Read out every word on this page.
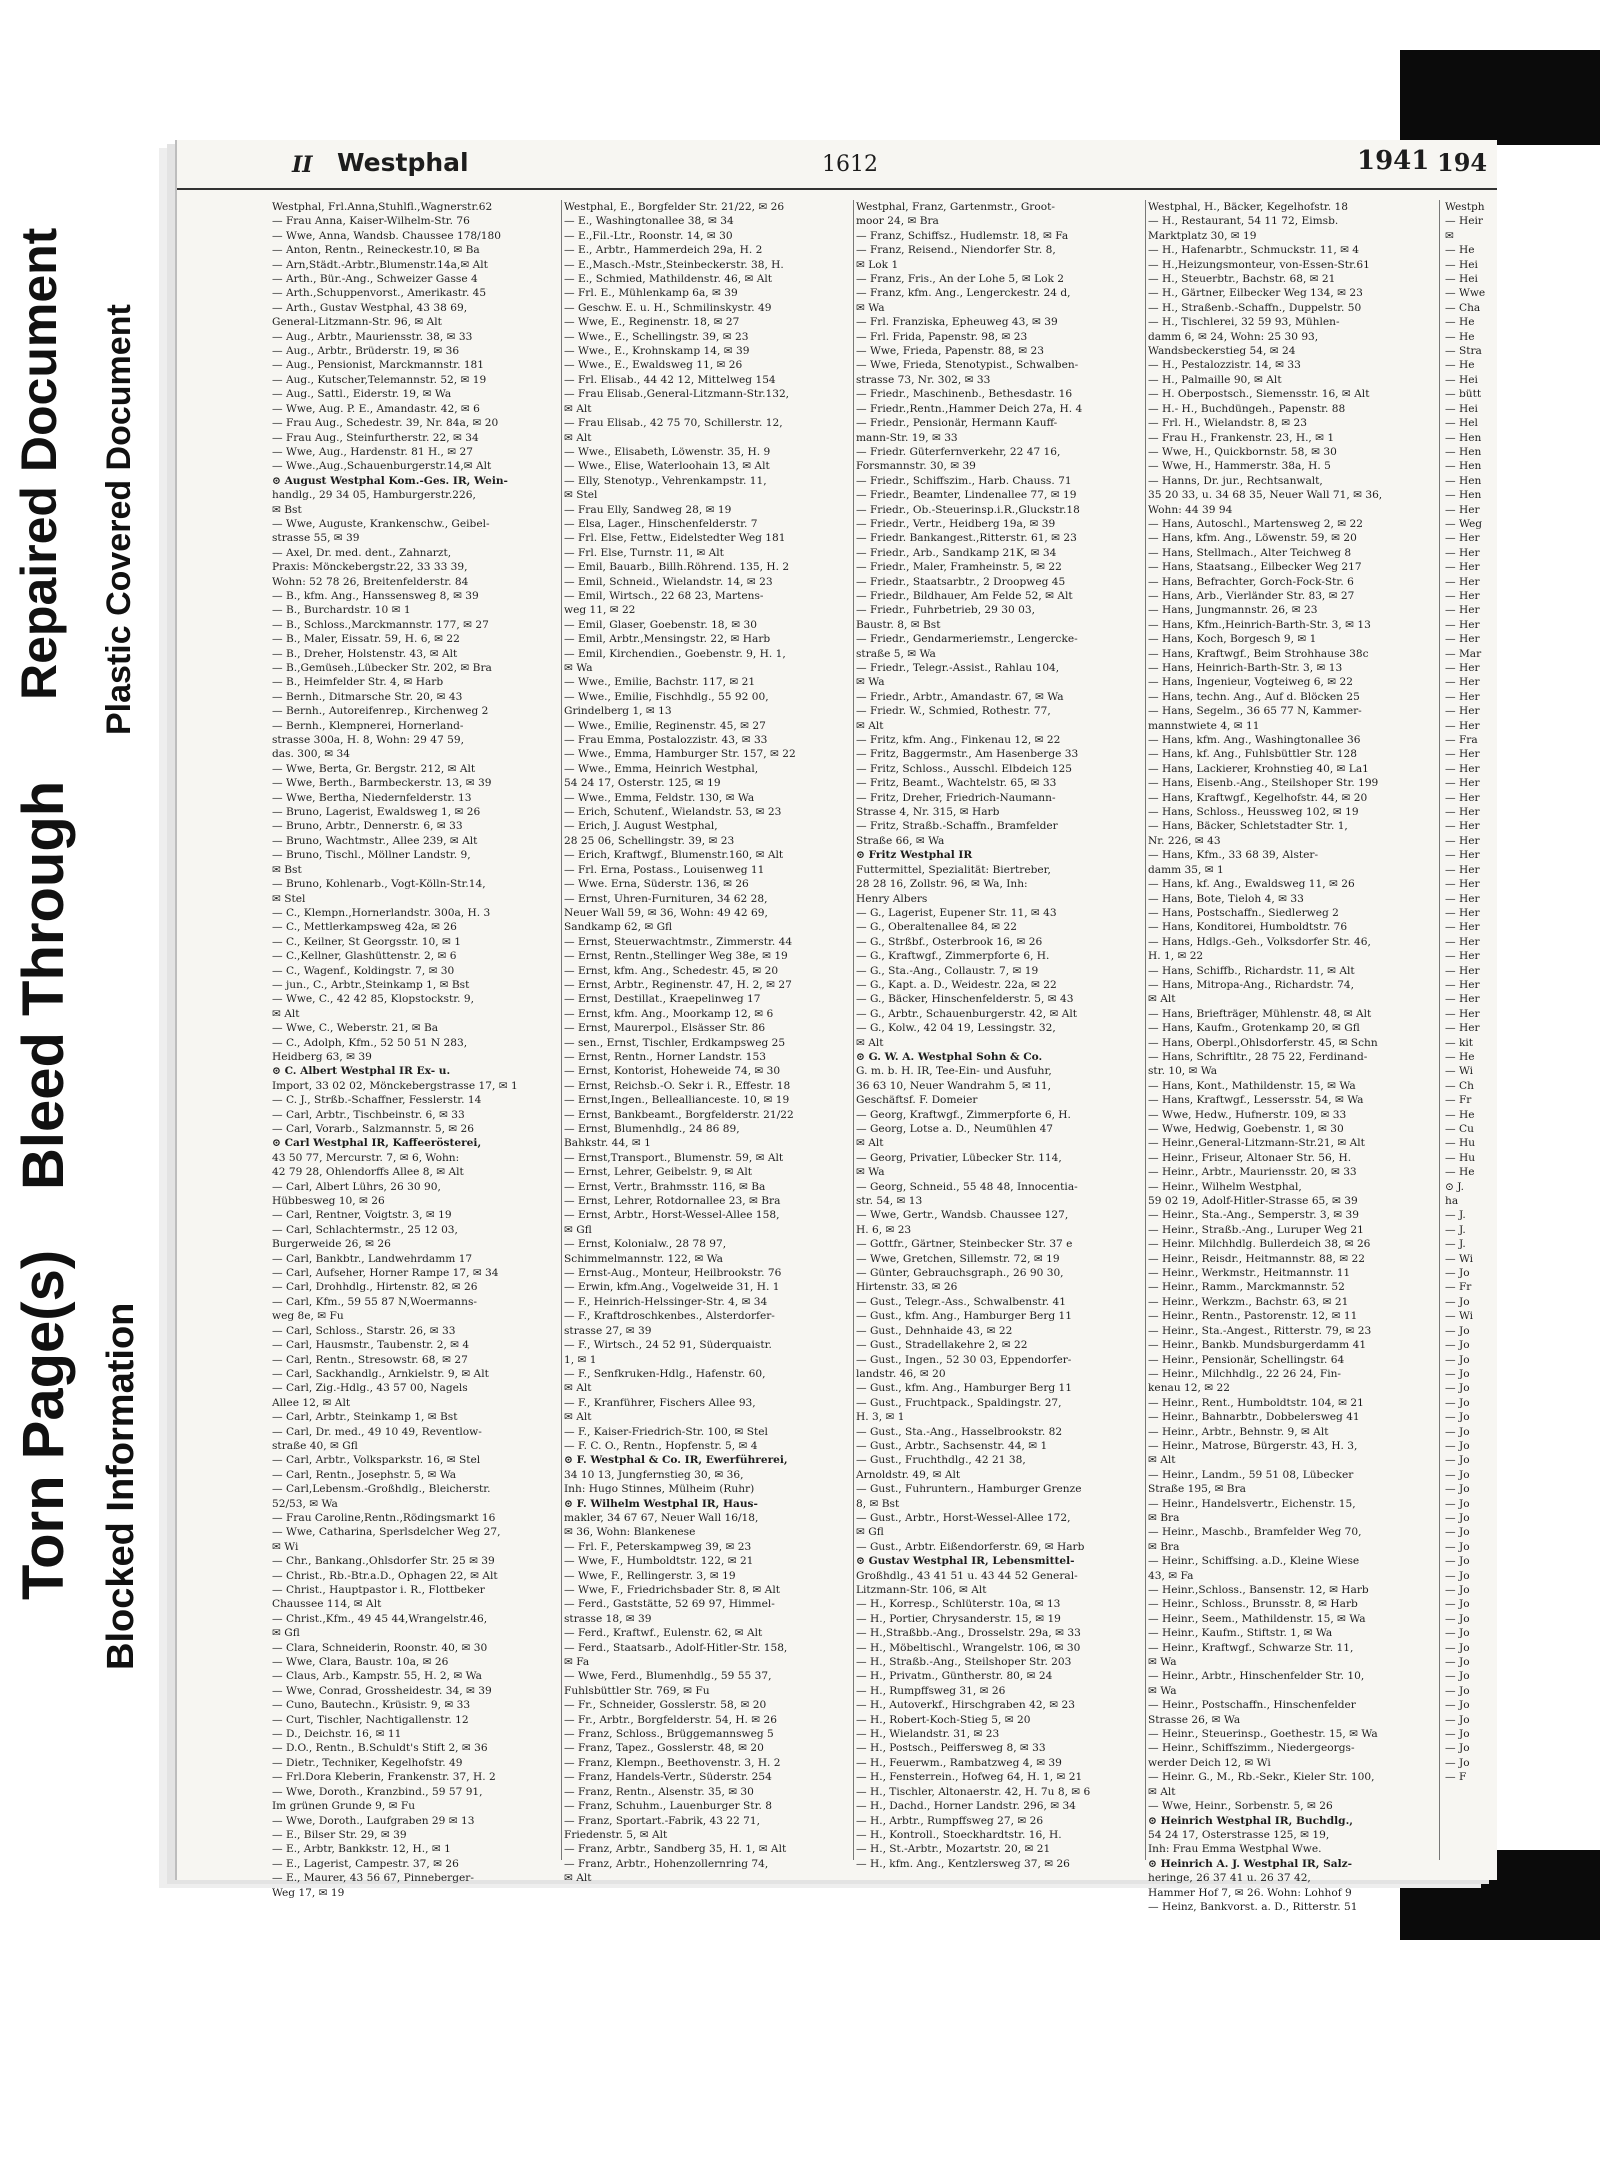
Torn Page(s) Blocked Information
Bleed Through
Repaired Document Plastic Covered Document
II Westphal	1612	1941 194

Westphal, Frl.Anna,Stuhlfl.,Wagnerstr.62

— Frau Anna, Kaiser-Wilhelm-Str. 76

— Wwe, Anna, Wandsb. Chaussee 178/180

— Anton, Rentn., Reineckestr.10, ✉ Ba

— Arn,Städt.-Arbtr.,Blumenstr.14a,✉ Alt

— Arth., Bür.-Ang., Schweizer Gasse 4

— Arth.,Schuppenvorst., Amerikastr. 45

— Arth., Gustav Westphal, 43 38 69,

General-Litzmann-Str. 96, ✉ Alt

— Aug., Arbtr., Mauriensstr. 38, ✉ 33

— Aug., Arbtr., Brüderstr. 19, ✉ 36

— Aug., Pensionist, Marckmannstr. 181

— Aug., Kutscher,Telemannstr. 52, ✉ 19

— Aug., Sattl., Eiderstr. 19, ✉ Wa

— Wwe, Aug. P. E., Amandastr. 42, ✉ 6

— Frau Aug., Schedestr. 39, Nr. 84a, ✉ 20

— Frau Aug., Steinfurtherstr. 22, ✉ 34

— Wwe, Aug., Hardenstr. 81 H., ✉ 27

— Wwe.,Aug.,Schauenburgerstr.14,✉ Alt

⊙ August Westphal Kom.-Ges. IR, Wein-

handlg., 29 34 05, Hamburgerstr.226,

✉ Bst

— Wwe, Auguste, Krankenschw., Geibel-

strasse 55, ✉ 39

— Axel, Dr. med. dent., Zahnarzt,

Praxis: Mönckebergstr.22, 33 33 39,

Wohn: 52 78 26, Breitenfelderstr. 84

— B., kfm. Ang., Hanssensweg 8, ✉ 39

— B., Burchardstr. 10 ✉ 1

— B., Schloss.,Marckmannstr. 177, ✉ 27

— B., Maler, Eissatr. 59, H. 6, ✉ 22

— B., Dreher, Holstenstr. 43, ✉ Alt

— B.,Gemüseh.,Lübecker Str. 202, ✉ Bra

— B., Heimfelder Str. 4, ✉ Harb

— Bernh., Ditmarsche Str. 20, ✉ 43

— Bernh., Autoreifenrep., Kirchenweg 2

— Bernh., Klempnerei, Hornerland-

strasse 300a, H. 8, Wohn: 29 47 59,

das. 300, ✉ 34

— Wwe, Berta, Gr. Bergstr. 212, ✉ Alt

— Wwe, Berth., Barmbeckerstr. 13, ✉ 39

— Wwe, Bertha, Niedernfelderstr. 13

— Bruno, Lagerist, Ewaldsweg 1, ✉ 26

— Bruno, Arbtr., Dennerstr. 6, ✉ 33

— Bruno, Wachtmstr., Allee 239, ✉ Alt

— Bruno, Tischl., Möllner Landstr. 9,

✉ Bst

— Bruno, Kohlenarb., Vogt-Kölln-Str.14,

✉ Stel

— C., Klempn.,Hornerlandstr. 300a, H. 3

— C., Mettlerkampsweg 42a, ✉ 26

— C., Keilner, St Georgsstr. 10, ✉ 1

— C.,Kellner, Glashüttenstr. 2, ✉ 6

— C., Wagenf., Koldingstr. 7, ✉ 30

— jun., C., Arbtr.,Steinkamp 1, ✉ Bst

— Wwe, C., 42 42 85, Klopstockstr. 9,

✉ Alt

— Wwe, C., Weberstr. 21, ✉ Ba

— C., Adolph, Kfm., 52 50 51 N 283,

Heidberg 63, ✉ 39

⊙ C. Albert Westphal IR Ex- u.

Import, 33 02 02, Mönckebergstrasse 17, ✉ 1

— C. J., Strßb.-Schaffner, Fesslerstr. 14

— Carl, Arbtr., Tischbeinstr. 6, ✉ 33

— Carl, Vorarb., Salzmannstr. 5, ✉ 26

⊙ Carl Westphal IR, Kaffeerösterei,

43 50 77, Mercurstr. 7, ✉ 6, Wohn:

42 79 28, Ohlendorffs Allee 8, ✉ Alt

— Carl, Albert Lührs, 26 30 90,

Hübbesweg 10, ✉ 26

— Carl, Rentner, Voigtstr. 3, ✉ 19

— Carl, Schlachtermstr., 25 12 03,

Burgerweide 26, ✉ 26

— Carl, Bankbtr., Landwehrdamm 17

— Carl, Aufseher, Horner Rampe 17, ✉ 34

— Carl, Drohhdlg., Hirtenstr. 82, ✉ 26

— Carl, Kfm., 59 55 87 N,Woermanns-

weg 8e, ✉ Fu

— Carl, Schloss., Starstr. 26, ✉ 33

— Carl, Hausmstr., Taubenstr. 2, ✉ 4

— Carl, Rentn., Stresowstr. 68, ✉ 27

— Carl, Sackhandlg., Arnkielstr. 9, ✉ Alt

— Carl, Zig.-Hdlg., 43 57 00, Nagels

Allee 12, ✉ Alt

— Carl, Arbtr., Steinkamp 1, ✉ Bst

— Carl, Dr. med., 49 10 49, Reventlow-

straße 40, ✉ Gfl

— Carl, Arbtr., Volksparkstr. 16, ✉ Stel

— Carl, Rentn., Josephstr. 5, ✉ Wa

— Carl,Lebensm.-Großhdlg., Bleicherstr.

52/53, ✉ Wa

— Frau Caroline,Rentn.,Rödingsmarkt 16

— Wwe, Catharina, Sperlsdelcher Weg 27,

✉ Wi

— Chr., Bankang.,Ohlsdorfer Str. 25 ✉ 39

— Christ., Rb.-Btr.a.D., Ophagen 22, ✉ Alt

— Christ., Hauptpastor i. R., Flottbeker

Chaussee 114, ✉ Alt

— Christ.,Kfm., 49 45 44,Wrangelstr.46,

✉ Gfl

— Clara, Schneiderin, Roonstr. 40, ✉ 30

— Wwe, Clara, Baustr. 10a, ✉ 26

— Claus, Arb., Kampstr. 55, H. 2, ✉ Wa

— Wwe, Conrad, Grossheidestr. 34, ✉ 39

— Cuno, Bautechn., Krüsistr. 9, ✉ 33

— Curt, Tischler, Nachtigallenstr. 12

— D., Deichstr. 16, ✉ 11

— D.O., Rentn., B.Schuldt's Stift 2, ✉ 36

— Dietr., Techniker, Kegelhofstr. 49

— Frl.Dora Kleberin, Frankenstr. 37, H. 2

— Wwe, Doroth., Kranzbind., 59 57 91,

Im grünen Grunde 9, ✉ Fu

— Wwe, Doroth., Laufgraben 29 ✉ 13

— E., Bilser Str. 29, ✉ 39

— E., Arbtr, Bankkstr. 12, H., ✉ 1

— E., Lagerist, Campestr. 37, ✉ 26

— E., Maurer, 43 56 67, Pinneberger-

Weg 17, ✉ 19

Westphal, E., Borgfelder Str. 21/22, ✉ 26

— E., Washingtonallee 38, ✉ 34

— E.,Fil.-Ltr., Roonstr. 14, ✉ 30

— E., Arbtr., Hammerdeich 29a, H. 2

— E.,Masch.-Mstr.,Steinbeckerstr. 38, H.

— E., Schmied, Mathildenstr. 46, ✉ Alt

— Frl. E., Mühlenkamp 6a, ✉ 39

— Geschw. E. u. H., Schmilinskystr. 49

— Wwe, E., Reginenstr. 18, ✉ 27

— Wwe., E., Schellingstr. 39, ✉ 23

— Wwe., E., Krohnskamp 14, ✉ 39

— Wwe., E., Ewaldsweg 11, ✉ 26

— Frl. Elisab., 44 42 12, Mittelweg 154

— Frau Elisab.,General-Litzmann-Str.132,

✉ Alt

— Frau Elisab., 42 75 70, Schillerstr. 12,

✉ Alt

— Wwe., Elisabeth, Löwenstr. 35, H. 9

— Wwe., Elise, Waterloohain 13, ✉ Alt

— Elly, Stenotyp., Vehrenkampstr. 11,

✉ Stel

— Frau Elly, Sandweg 28, ✉ 19

— Elsa, Lager., Hinschenfelderstr. 7

— Frl. Else, Fettw., Eidelstedter Weg 181

— Frl. Else, Turnstr. 11, ✉ Alt

— Emil, Bauarb., Billh.Röhrend. 135, H. 2

— Emil, Schneid., Wielandstr. 14, ✉ 23

— Emil, Wirtsch., 22 68 23, Martens-

weg 11, ✉ 22

— Emil, Glaser, Goebenstr. 18, ✉ 30

— Emil, Arbtr.,Mensingstr. 22, ✉ Harb

— Emil, Kirchendien., Goebenstr. 9, H. 1,

✉ Wa

— Wwe., Emilie, Bachstr. 117, ✉ 21

— Wwe., Emilie, Fischhdlg., 55 92 00,

Grindelberg 1, ✉ 13

— Wwe., Emilie, Reginenstr. 45, ✉ 27

— Frau Emma, Postalozzistr. 43, ✉ 33

— Wwe., Emma, Hamburger Str. 157, ✉ 22

— Wwe., Emma, Heinrich Westphal,

54 24 17, Osterstr. 125, ✉ 19

— Wwe., Emma, Feldstr. 130, ✉ Wa

— Erich, Schutenf., Wielandstr. 53, ✉ 23

— Erich, J. August Westphal,

28 25 06, Schellingstr. 39, ✉ 23

— Erich, Kraftwgf., Blumenstr.160, ✉ Alt

— Frl. Erna, Postass., Louisenweg 11

— Wwe. Erna, Süderstr. 136, ✉ 26

— Ernst, Uhren-Furnituren, 34 62 28,

Neuer Wall 59, ✉ 36, Wohn: 49 42 69,

Sandkamp 62, ✉ Gfl

— Ernst, Steuerwachtmstr., Zimmerstr. 44

— Ernst, Rentn.,Stellinger Weg 38e, ✉ 19

— Ernst, kfm. Ang., Schedestr. 45, ✉ 20

— Ernst, Arbtr., Reginenstr. 47, H. 2, ✉ 27

— Ernst, Destillat., Kraepelinweg 17

— Ernst, kfm. Ang., Moorkamp 12, ✉ 6

— Ernst, Maurerpol., Elsässer Str. 86

— sen., Ernst, Tischler, Erdkampsweg 25

— Ernst, Rentn., Horner Landstr. 153

— Ernst, Kontorist, Hoheweide 74, ✉ 30

— Ernst, Reichsb.-O. Sekr i. R., Effestr. 18

— Ernst,Ingen., Belleallianceste. 10, ✉ 19

— Ernst, Bankbeamt., Borgfelderstr. 21/22

— Ernst, Blumenhdlg., 24 86 89,

Bahkstr. 44, ✉ 1

— Ernst,Transport., Blumenstr. 59, ✉ Alt

— Ernst, Lehrer, Geibelstr. 9, ✉ Alt

— Ernst, Vertr., Brahmsstr. 116, ✉ Ba

— Ernst, Lehrer, Rotdornallee 23, ✉ Bra

— Ernst, Arbtr., Horst-Wessel-Allee 158,

✉ Gfl

— Ernst, Kolonialw., 28 78 97,

Schimmelmannstr. 122, ✉ Wa

— Ernst-Aug., Monteur, Heilbrookstr. 76

— Erwin, kfm.Ang., Vogelweide 31, H. 1

— F., Heinrich-Helssinger-Str. 4, ✉ 34

— F., Kraftdroschkenbes., Alsterdorfer-

strasse 27, ✉ 39

— F., Wirtsch., 24 52 91, Süderquaistr.

1, ✉ 1

— F., Senfkruken-Hdlg., Hafenstr. 60,

✉ Alt

— F., Kranführer, Fischers Allee 93,

✉ Alt

— F., Kaiser-Friedrich-Str. 100, ✉ Stel

— F. C. O., Rentn., Hopfenstr. 5, ✉ 4

⊙ F. Westphal & Co. IR, Ewerführerei,

34 10 13, Jungfernstieg 30, ✉ 36,

Inh: Hugo Stinnes, Mülheim (Ruhr)

⊙ F. Wilhelm Westphal IR, Haus-

makler, 34 67 67, Neuer Wall 16/18,

✉ 36, Wohn: Blankenese

— Frl. F., Peterskampweg 39, ✉ 23

— Wwe, F., Humboldtstr. 122, ✉ 21

— Wwe, F., Rellingerstr. 3, ✉ 19

— Wwe, F., Friedrichsbader Str. 8, ✉ Alt

— Ferd., Gaststätte, 52 69 97, Himmel-

strasse 18, ✉ 39

— Ferd., Kraftwf., Eulenstr. 62, ✉ Alt

— Ferd., Staatsarb., Adolf-Hitler-Str. 158,

✉ Fa

— Wwe, Ferd., Blumenhdlg., 59 55 37,

Fuhlsbüttler Str. 769, ✉ Fu

— Fr., Schneider, Gosslerstr. 58, ✉ 20

— Fr., Arbtr., Borgfelderstr. 54, H. ✉ 26

— Franz, Schloss., Brüggemannsweg 5

— Franz, Tapez., Gosslerstr. 48, ✉ 20

— Franz, Klempn., Beethovenstr. 3, H. 2

— Franz, Handels-Vertr., Süderstr. 254

— Franz, Rentn., Alsenstr. 35, ✉ 30

— Franz, Schuhm., Lauenburger Str. 8

— Franz, Sportart.-Fabrik, 43 22 71,

Friedenstr. 5, ✉ Alt

— Franz, Arbtr., Sandberg 35, H. 1, ✉ Alt

— Franz, Arbtr., Hohenzollernring 74,

✉ Alt

Westphal, Franz, Gartenmstr., Groot-

moor 24, ✉ Bra

— Franz, Schiffsz., Hudlemstr. 18, ✉ Fa

— Franz, Reisend., Niendorfer Str. 8,

✉ Lok 1

— Franz, Fris., An der Lohe 5, ✉ Lok 2

— Franz, kfm. Ang., Lengerckestr. 24 d,

✉ Wa

— Frl. Franziska, Epheuweg 43, ✉ 39

— Frl. Frida, Papenstr. 98, ✉ 23

— Wwe, Frieda, Papenstr. 88, ✉ 23

— Wwe, Frieda, Stenotypist., Schwalben-

strasse 73, Nr. 302, ✉ 33

— Friedr., Maschinenb., Bethesdastr. 16

— Friedr.,Rentn.,Hammer Deich 27a, H. 4

— Friedr., Pensionär, Hermann Kauff-

mann-Str. 19, ✉ 33

— Friedr. Güterfernverkehr, 22 47 16,

Forsmannstr. 30, ✉ 39

— Friedr., Schiffszim., Harb. Chauss. 71

— Friedr., Beamter, Lindenallee 77, ✉ 19

— Friedr., Ob.-Steuerinsp.i.R.,Gluckstr.18

— Friedr., Vertr., Heidberg 19a, ✉ 39

— Friedr. Bankangest.,Ritterstr. 61, ✉ 23

— Friedr., Arb., Sandkamp 21K, ✉ 34

— Friedr., Maler, Framheinstr. 5, ✉ 22

— Friedr., Staatsarbtr., 2 Droopweg 45

— Friedr., Bildhauer, Am Felde 52, ✉ Alt

— Friedr., Fuhrbetrieb, 29 30 03,

Baustr. 8, ✉ Bst

— Friedr., Gendarmeriemstr., Lengercke-

straße 5, ✉ Wa

— Friedr., Telegr.-Assist., Rahlau 104,

✉ Wa

— Friedr., Arbtr., Amandastr. 67, ✉ Wa

— Friedr. W., Schmied, Rothestr. 77,

✉ Alt

— Fritz, kfm. Ang., Finkenau 12, ✉ 22

— Fritz, Baggermstr., Am Hasenberge 33

— Fritz, Schloss., Ausschl. Elbdeich 125

— Fritz, Beamt., Wachtelstr. 65, ✉ 33

— Fritz, Dreher, Friedrich-Naumann-

Strasse 4, Nr. 315, ✉ Harb

— Fritz, Straßb.-Schaffn., Bramfelder

Straße 66, ✉ Wa

⊙ Fritz Westphal IR

Futtermittel, Spezialität: Biertreber,

28 28 16, Zollstr. 96, ✉ Wa, Inh:

Henry Albers

— G., Lagerist, Eupener Str. 11, ✉ 43

— G., Oberaltenallee 84, ✉ 22

— G., Strßbf., Osterbrook 16, ✉ 26

— G., Kraftwgf., Zimmerpforte 6, H.

— G., Sta.-Ang., Collaustr. 7, ✉ 19

— G., Kapt. a. D., Weidestr. 22a, ✉ 22

— G., Bäcker, Hinschenfelderstr. 5, ✉ 43

— G., Arbtr., Schauenburgerstr. 42, ✉ Alt

— G., Kolw., 42 04 19, Lessingstr. 32,

✉ Alt

⊙ G. W. A. Westphal Sohn & Co.

G. m. b. H. IR, Tee-Ein- und Ausfuhr,

36 63 10, Neuer Wandrahm 5, ✉ 11,

Geschäftsf. F. Domeier

— Georg, Kraftwgf., Zimmerpforte 6, H.

— Georg, Lotse a. D., Neumühlen 47

✉ Alt

— Georg, Privatier, Lübecker Str. 114,

✉ Wa

— Georg, Schneid., 55 48 48, Innocentia-

str. 54, ✉ 13

— Wwe, Gertr., Wandsb. Chaussee 127,

H. 6, ✉ 23

— Gottfr., Gärtner, Steinbecker Str. 37 e

— Wwe, Gretchen, Sillemstr. 72, ✉ 19

— Günter, Gebrauchsgraph., 26 90 30,

Hirtenstr. 33, ✉ 26

— Gust., Telegr.-Ass., Schwalbenstr. 41

— Gust., kfm. Ang., Hamburger Berg 11

— Gust., Dehnhaide 43, ✉ 22

— Gust., Stradellakehre 2, ✉ 22

— Gust., Ingen., 52 30 03, Eppendorfer-

landstr. 46, ✉ 20

— Gust., kfm. Ang., Hamburger Berg 11

— Gust., Fruchtpack., Spaldingstr. 27,

H. 3, ✉ 1

— Gust., Sta.-Ang., Hasselbrookstr. 82

— Gust., Arbtr., Sachsenstr. 44, ✉ 1

— Gust., Fruchthdlg., 42 21 38,

Arnoldstr. 49, ✉ Alt

— Gust., Fuhruntern., Hamburger Grenze

8, ✉ Bst

— Gust., Arbtr., Horst-Wessel-Allee 172,

✉ Gfl

— Gust., Arbtr. Eißendorferstr. 69, ✉ Harb

⊙ Gustav Westphal IR, Lebensmittel-

Großhdlg., 43 41 51 u. 43 44 52 General-

Litzmann-Str. 106, ✉ Alt

— H., Korresp., Schlüterstr. 10a, ✉ 13

— H., Portier, Chrysanderstr. 15, ✉ 19

— H.,Straßbb.-Ang., Drosselstr. 29a, ✉ 33

— H., Möbeltischl., Wrangelstr. 106, ✉ 30

— H., Straßb.-Ang., Steilshoper Str. 203

— H., Privatm., Güntherstr. 80, ✉ 24

— H., Rumpffsweg 31, ✉ 26

— H., Autoverkf., Hirschgraben 42, ✉ 23

— H., Robert-Koch-Stieg 5, ✉ 20

— H., Wielandstr. 31, ✉ 23

— H., Postsch., Peiffersweg 8, ✉ 33

— H., Feuerwm., Rambatzweg 4, ✉ 39

— H., Fensterrein., Hofweg 64, H. 1, ✉ 21

— H., Tischler, Altonaerstr. 42, H. 7u 8, ✉ 6

— H., Dachd., Horner Landstr. 296, ✉ 34

— H., Arbtr., Rumpffsweg 27, ✉ 26

— H., Kontroll., Stoeckhardtstr. 16, H.

— H., St.-Arbtr., Mozartstr. 20, ✉ 21

— H., kfm. Ang., Kentzlersweg 37, ✉ 26

Westphal, H., Bäcker, Kegelhofstr. 18

— H., Restaurant, 54 11 72, Eimsb.

Marktplatz 30, ✉ 19

— H., Hafenarbtr., Schmuckstr. 11, ✉ 4

— H.,Heizungsmonteur, von-Essen-Str.61

— H., Steuerbtr., Bachstr. 68, ✉ 21

— H., Gärtner, Eilbecker Weg 134, ✉ 23

— H., Straßenb.-Schaffn., Duppelstr. 50

— H., Tischlerei, 32 59 93, Mühlen-

damm 6, ✉ 24, Wohn: 25 30 93,

Wandsbeckerstieg 54, ✉ 24

— H., Pestalozzistr. 14, ✉ 33

— H., Palmaille 90, ✉ Alt

— H. Oberpostsch., Siemensstr. 16, ✉ Alt

— H.- H., Buchdüngeh., Papenstr. 88

— Frl. H., Wielandstr. 8, ✉ 23

— Frau H., Frankenstr. 23, H., ✉ 1

— Wwe, H., Quickbornstr. 58, ✉ 30

— Wwe, H., Hammerstr. 38a, H. 5

— Hanns, Dr. jur., Rechtsanwalt,

35 20 33, u. 34 68 35, Neuer Wall 71, ✉ 36,

Wohn: 44 39 94

— Hans, Autoschl., Martensweg 2, ✉ 22

— Hans, kfm. Ang., Löwenstr. 59, ✉ 20

— Hans, Stellmach., Alter Teichweg 8

— Hans, Staatsang., Eilbecker Weg 217

— Hans, Befrachter, Gorch-Fock-Str. 6

— Hans, Arb., Vierländer Str. 83, ✉ 27

— Hans, Jungmannstr. 26, ✉ 23

— Hans, Kfm.,Heinrich-Barth-Str. 3, ✉ 13

— Hans, Koch, Borgesch 9, ✉ 1

— Hans, Kraftwgf., Beim Strohhause 38c

— Hans, Heinrich-Barth-Str. 3, ✉ 13

— Hans, Ingenieur, Vogteiweg 6, ✉ 22

— Hans, techn. Ang., Auf d. Blöcken 25

— Hans, Segelm., 36 65 77 N, Kammer-

mannstwiete 4, ✉ 11

— Hans, kfm. Ang., Washingtonallee 36

— Hans, kf. Ang., Fuhlsbüttler Str. 128

— Hans, Lackierer, Krohnstieg 40, ✉ La1

— Hans, Eisenb.-Ang., Steilshoper Str. 199

— Hans, Kraftwgf., Kegelhofstr. 44, ✉ 20

— Hans, Schloss., Heussweg 102, ✉ 19

— Hans, Bäcker, Schletstadter Str. 1,

Nr. 226, ✉ 43

— Hans, Kfm., 33 68 39, Alster-

damm 35, ✉ 1

— Hans, kf. Ang., Ewaldsweg 11, ✉ 26

— Hans, Bote, Tieloh 4, ✉ 33

— Hans, Postschaffn., Siedlerweg 2

— Hans, Konditorei, Humboldtstr. 76

— Hans, Hdlgs.-Geh., Volksdorfer Str. 46,

H. 1, ✉ 22

— Hans, Schiffb., Richardstr. 11, ✉ Alt

— Hans, Mitropa-Ang., Richardstr. 74,

✉ Alt

— Hans, Briefträger, Mühlenstr. 48, ✉ Alt

— Hans, Kaufm., Grotenkamp 20, ✉ Gfl

— Hans, Oberpl.,Ohlsdorferstr. 45, ✉ Schn

— Hans, Schriftltr., 28 75 22, Ferdinand-

str. 10, ✉ Wa

— Hans, Kont., Mathildenstr. 15, ✉ Wa

— Hans, Kraftwgf., Lessersstr. 54, ✉ Wa

— Wwe, Hedw., Hufnerstr. 109, ✉ 33

— Wwe, Hedwig, Goebenstr. 1, ✉ 30

— Heinr.,General-Litzmann-Str.21, ✉ Alt

— Heinr., Friseur, Altonaer Str. 56, H.

— Heinr., Arbtr., Mauriensstr. 20, ✉ 33

— Heinr., Wilhelm Westphal,

59 02 19, Adolf-Hitler-Strasse 65, ✉ 39

— Heinr., Sta.-Ang., Semperstr. 3, ✉ 39

— Heinr., Straßb.-Ang., Luruper Weg 21

— Heinr. Milchhdlg. Bullerdeich 38, ✉ 26

— Heinr., Reisdr., Heitmannstr. 88, ✉ 22

— Heinr., Werkmstr., Heitmannstr. 11

— Heinr., Ramm., Marckmannstr. 52

— Heinr., Werkzm., Bachstr. 63, ✉ 21

— Heinr., Rentn., Pastorenstr. 12, ✉ 11

— Heinr., Sta.-Angest., Ritterstr. 79, ✉ 23

— Heinr., Bankb. Mundsburgerdamm 41

— Heinr., Pensionär, Schellingstr. 64

— Heinr., Milchhdlg., 22 26 24, Fin-

kenau 12, ✉ 22

— Heinr., Rent., Humboldtstr. 104, ✉ 21

— Heinr., Bahnarbtr., Dobbelersweg 41

— Heinr., Arbtr., Behnstr. 9, ✉ Alt

— Heinr., Matrose, Bürgerstr. 43, H. 3,

✉ Alt

— Heinr., Landm., 59 51 08, Lübecker

Straße 195, ✉ Bra

— Heinr., Handelsvertr., Eichenstr. 15,

✉ Bra

— Heinr., Maschb., Bramfelder Weg 70,

✉ Bra

— Heinr., Schiffsing. a.D., Kleine Wiese

43, ✉ Fa

— Heinr.,Schloss., Bansenstr. 12, ✉ Harb

— Heinr., Schloss., Brunsstr. 8, ✉ Harb

— Heinr., Seem., Mathildenstr. 15, ✉ Wa

— Heinr., Kaufm., Stiftstr. 1, ✉ Wa

— Heinr., Kraftwgf., Schwarze Str. 11,

✉ Wa

— Heinr., Arbtr., Hinschenfelder Str. 10,

✉ Wa

— Heinr., Postschaffn., Hinschenfelder

Strasse 26, ✉ Wa

— Heinr., Steuerinsp., Goethestr. 15, ✉ Wa

— Heinr., Schiffszimm., Niedergeorgs-

werder Deich 12, ✉ Wi

— Heinr. G., M., Rb.-Sekr., Kieler Str. 100,

✉ Alt

— Wwe, Heinr., Sorbenstr. 5, ✉ 26

⊙ Heinrich Westphal IR, Buchdlg.,

54 24 17, Osterstrasse 125, ✉ 19,

Inh: Frau Emma Westphal Wwe.

⊙ Heinrich A. J. Westphal IR, Salz-

heringe, 26 37 41 u. 26 37 42,

Hammer Hof 7, ✉ 26. Wohn: Lohhof 9

— Heinz, Bankvorst. a. D., Ritterstr. 51

Westph

— Heir

✉

— He

— Hei

— Hei

— Wwe

— Cha

— He

— He

— Stra

— He

— Hei

— bütt

— Hei

— Hel

— Hen

— Hen

— Hen

— Hen

— Hen

— Her

— Weg

— Her

— Her

— Her

— Her

— Her

— Her

— Her

— Her

— Mar

— Her

— Her

— Her

— Her

— Her

— Fra

— Her

— Her

— Her

— Her

— Her

— Her

— Her

— Her

— Her

— Her

— Her

— Her

— Her

— Her

— Her

— Her

— Her

— Her

— Her

— Her

— kit

— He

— Wi

— Ch

— Fr

— He

— Cu

— Hu

— Hu

— He

⊙ J.

ha

— J.

— J.

— J.

— Wi

— Jo

— Fr

— Jo

— Wi

— Jo

— Jo

— Jo

— Jo

— Jo

— Jo

— Jo

— Jo

— Jo

— Jo

— Jo

— Jo

— Jo

— Jo

— Jo

— Jo

— Jo

— Jo

— Jo

— Jo

— Jo

— Jo

— Jo

— Jo

— Jo

— Jo

— Jo

— Jo

— Jo

— Jo

— Jo

— F
